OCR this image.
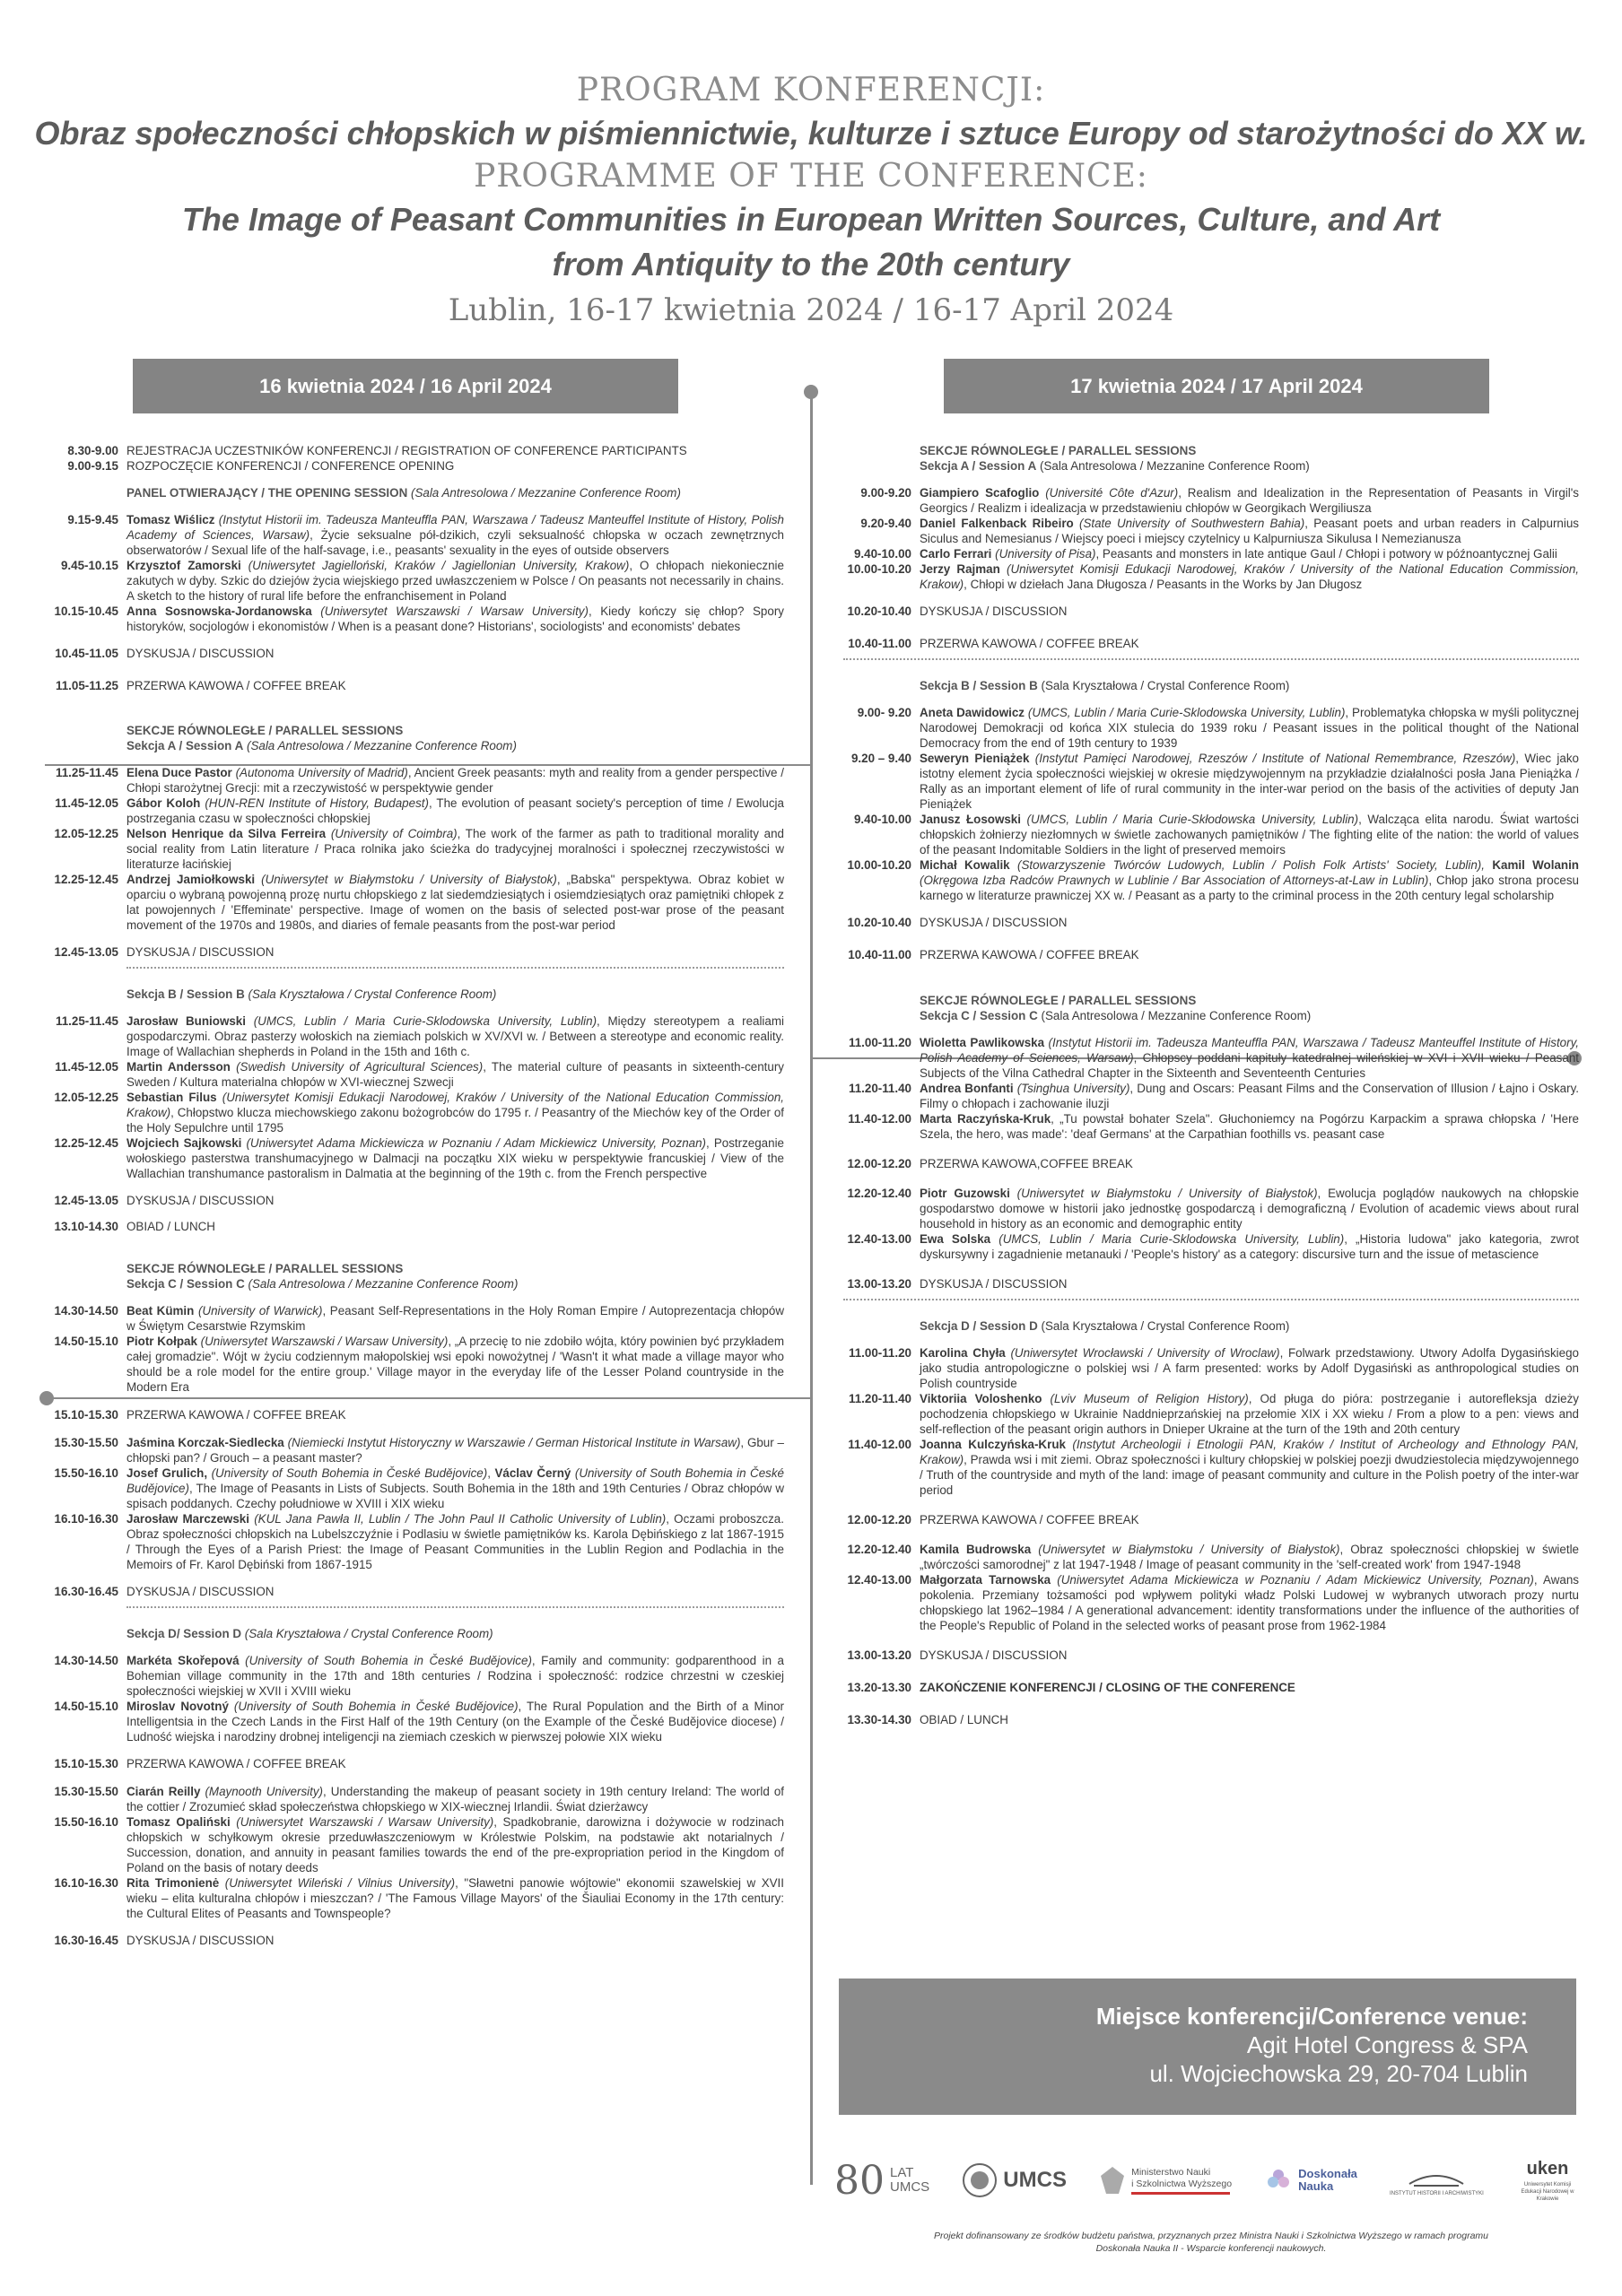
PROGRAM KONFERENCJI:
Obraz społeczności chłopskich w piśmiennictwie, kulturze i sztuce Europy od starożytności do XX w.
PROGRAMME OF THE CONFERENCE:
The Image of Peasant Communities in European Written Sources, Culture, and Art
from Antiquity to the 20th century
Lublin, 16-17 kwietnia 2024 / 16-17 April 2024
16 kwietnia 2024 / 16 April 2024	17 kwietnia 2024 / 17 April 2024
8.30-9.00 REJESTRACJA UCZESTNIKÓW KONFERENCJI / REGISTRATION OF CONFERENCE PARTICIPANTS
9.00-9.15 ROZPOCZĘCIE KONFERENCJI / CONFERENCE OPENING
PANEL OTWIERAJĄCY / THE OPENING SESSION (Sala Antresolowa / Mezzanine Conference Room)
9.15-9.45 Tomasz Wiślicz (Instytut Historii im. Tadeusza Manteuffla PAN, Warszawa / Tadeusz Manteuffel Institute of History, Polish Academy of Sciences, Warsaw), Życie seksualne pół-dzikich, czyli seksualność chłopska w oczach zewnętrznych obserwatorów / Sexual life of the half-savage, i.e., peasants' sexuality in the eyes of outside observers
9.45-10.15 Krzysztof Zamorski (Uniwersytet Jagielloński, Kraków / Jagiellonian University, Krakow), O chłopach niekoniecznie zakutych w dyby. Szkic do dziejów życia wiejskiego przed uwłaszczeniem w Polsce / On peasants not necessarily in chains. A sketch to the history of rural life before the enfranchisement in Poland
10.15-10.45 Anna Sosnowska-Jordanowska (Uniwersytet Warszawski / Warsaw University), Kiedy kończy się chłop? Spory historyków, socjologów i ekonomistów / When is a peasant done? Historians', sociologists' and economists' debates
10.45-11.05 DYSKUSJA / DISCUSSION
11.05-11.25 PRZERWA KAWOWA / COFFEE BREAK
SEKCJE RÓWNOLEGŁE / PARALLEL SESSIONS
Sekcja A / Session A (Sala Antresolowa / Mezzanine Conference Room)
11.25-11.45 Elena Duce Pastor (Autonoma University of Madrid), Ancient Greek peasants: myth and reality from a gender perspective / Chłopi starożytnej Grecji: mit a rzeczywistość w perspektywie gender
11.45-12.05 Gábor Koloh (HUN-REN Institute of History, Budapest), The evolution of peasant society's perception of time / Ewolucja postrzegania czasu w społeczności chłopskiej
12.05-12.25 Nelson Henrique da Silva Ferreira (University of Coimbra), The work of the farmer as path to traditional morality and social reality from Latin literature / Praca rolnika jako ścieżka do tradycyjnej moralności i społecznej rzeczywistości w literaturze łacińskiej
12.25-12.45 Andrzej Jamiołkowski (Uniwersytet w Białymstoku / University of Białystok), „Babska" perspektywa. Obraz kobiet w oparciu o wybraną powojenną prozę nurtu chłopskiego z lat siedemdziesiątych i osiemdziesiątych oraz pamiętniki chłopek z lat powojennych / 'Effeminate' perspective. Image of women on the basis of selected post-war prose of the peasant movement of the 1970s and 1980s, and diaries of female peasants from the post-war period
12.45-13.05 DYSKUSJA / DISCUSSION
Sekcja B / Session B (Sala Kryształowa / Crystal Conference Room)
11.25-11.45 Jarosław Buniowski (UMCS, Lublin / Maria Curie-Sklodowska University, Lublin), Między stereotypem a realiami gospodarczymi. Obraz pasterzy wołoskich na ziemiach polskich w XV/XVI w. / Between a stereotype and economic reality. Image of Wallachian shepherds in Poland in the 15th and 16th c.
11.45-12.05 Martin Andersson (Swedish University of Agricultural Sciences), The material culture of peasants in sixteenth-century Sweden / Kultura materialna chłopów w XVI-wiecznej Szwecji
12.05-12.25 Sebastian Filus (Uniwersytet Komisji Edukacji Narodowej, Kraków / University of the National Education Commission, Krakow), Chłopstwo klucza miechowskiego zakonu bożogrobców do 1795 r. / Peasantry of the Miechów key of the Order of the Holy Sepulchre until 1795
12.25-12.45 Wojciech Sajkowski (Uniwersytet Adama Mickiewicza w Poznaniu / Adam Mickiewicz University, Poznan), Postrzeganie wołoskiego pasterstwa transhumacyjnego w Dalmacji na początku XIX wieku w perspektywie francuskiej / View of the Wallachian transhumance pastoralism in Dalmatia at the beginning of the 19th c. from the French perspective
12.45-13.05 DYSKUSJA / DISCUSSION
13.10-14.30 OBIAD / LUNCH
SEKCJE RÓWNOLEGŁE / PARALLEL SESSIONS
Sekcja C / Session C (Sala Antresolowa / Mezzanine Conference Room)
14.30-14.50 Beat Kümin (University of Warwick), Peasant Self-Representations in the Holy Roman Empire / Autoprezentacja chłopów w Świętym Cesarstwie Rzymskim
14.50-15.10 Piotr Kołpak (Uniwersytet Warszawski / Warsaw University), „A przecię to nie zdobiło wójta, który powinien być przykładem całej gromadzie". Wójt w życiu codziennym małopolskiej wsi epoki nowożytnej / 'Wasn't it what made a village mayor who should be a role model for the entire group.' Village mayor in the everyday life of the Lesser Poland countryside in the Modern Era
15.10-15.30 PRZERWA KAWOWA / COFFEE BREAK
15.30-15.50 Jaśmina Korczak-Siedlecka (Niemiecki Instytut Historyczny w Warszawie / German Historical Institute in Warsaw), Gbur – chłopski pan? / Grouch – a peasant master?
15.50-16.10 Josef Grulich, (University of South Bohemia in České Budějovice), Václav Černý (University of South Bohemia in České Budějovice), The Image of Peasants in Lists of Subjects. South Bohemia in the 18th and 19th Centuries / Obraz chłopów w spisach poddanych. Czechy południowe w XVIII i XIX wieku
16.10-16.30 Jarosław Marczewski (KUL Jana Pawła II, Lublin / The John Paul II Catholic University of Lublin), Oczami proboszcza. Obraz społeczności chłopskich na Lubelszczyźnie i Podlasiu w świetle pamiętników ks. Karola Dębińskiego z lat 1867-1915 / Through the Eyes of a Parish Priest: the Image of Peasant Communities in the Lublin Region and Podlachia in the Memoirs of Fr. Karol Dębiński from 1867-1915
16.30-16.45 DYSKUSJA / DISCUSSION
Sekcja D/ Session D (Sala Kryształowa / Crystal Conference Room)
14.30-14.50 Markéta Skořepová (University of South Bohemia in České Budějovice), Family and community: godparenthood in a Bohemian village community in the 17th and 18th centuries / Rodzina i społeczność: rodzice chrzestni w czeskiej społeczności wiejskiej w XVII i XVIII wieku
14.50-15.10 Miroslav Novotný (University of South Bohemia in České Budějovice), The Rural Population and the Birth of a Minor Intelligentsia in the Czech Lands in the First Half of the 19th Century (on the Example of the České Budějovice diocese) / Ludność wiejska i narodziny drobnej inteligencji na ziemiach czeskich w pierwszej połowie XIX wieku
15.10-15.30 PRZERWA KAWOWA / COFFEE BREAK
15.30-15.50 Ciarán Reilly (Maynooth University), Understanding the makeup of peasant society in 19th century Ireland: The world of the cottier / Zrozumieć skład społeczeństwa chłopskiego w XIX-wiecznej Irlandii. Świat dzierżawcy
15.50-16.10 Tomasz Opaliński (Uniwersytet Warszawski / Warsaw University), Spadkobranie, darowizna i dożywocie w rodzinach chłopskich w schyłkowym okresie przeduwłaszczeniowym w Królestwie Polskim, na podstawie akt notarialnych / Succession, donation, and annuity in peasant families towards the end of the pre-expropriation period in the Kingdom of Poland on the basis of notary deeds
16.10-16.30 Rita Trimonienė (Uniwersytet Wileński / Vilnius University), "Sławetni panowie wójtowie" ekonomii szawelskiej w XVII wieku – elita kulturalna chłopów i mieszczan? / 'The Famous Village Mayors' of the Šiauliai Economy in the 17th century: the Cultural Elites of Peasants and Townspeople?
16.30-16.45 DYSKUSJA / DISCUSSION
SEKCJE RÓWNOLEGŁE / PARALLEL SESSIONS
Sekcja A / Session A (Sala Antresolowa / Mezzanine Conference Room)
9.00-9.20 Giampiero Scafoglio (Université Côte d'Azur), Realism and Idealization in the Representation of Peasants in Virgil's Georgics / Realizm i idealizacja w przedstawieniu chłopów w Georgikach Wergiliusza
9.20-9.40 Daniel Falkenback Ribeiro (State University of Southwestern Bahia), Peasant poets and urban readers in Calpurnius Siculus and Nemesianus / Wiejscy poeci i miejscy czytelnicy u Kalpurniusza Sikulusa I Nemezianusza
9.40-10.00 Carlo Ferrari (University of Pisa), Peasants and monsters in late antique Gaul / Chłopi i potwory w późnoantycznej Galii
10.00-10.20 Jerzy Rajman (Uniwersytet Komisji Edukacji Narodowej, Kraków / University of the National Education Commission, Krakow), Chłopi w dziełach Jana Długosza / Peasants in the Works by Jan Długosz
10.20-10.40 DYSKUSJA / DISCUSSION
10.40-11.00 PRZERWA KAWOWA / COFFEE BREAK
Sekcja B / Session B (Sala Kryształowa / Crystal Conference Room)
9.00- 9.20 Aneta Dawidowicz (UMCS, Lublin / Maria Curie-Sklodowska University, Lublin), Problematyka chłopska w myśli politycznej Narodowej Demokracji od końca XIX stulecia do 1939 roku / Peasant issues in the political thought of the National Democracy from the end of 19th century to 1939
9.20 – 9.40 Seweryn Pieniążek (Instytut Pamięci Narodowej, Rzeszów / Institute of National Remembrance, Rzeszów), Wiec jako istotny element życia społeczności wiejskiej w okresie międzywojennym na przykładzie działalności posła Jana Pieniążka / Rally as an important element of life of rural community in the inter-war period on the basis of the activities of deputy Jan Pieniążek
9.40-10.00 Janusz Łosowski (UMCS, Lublin / Maria Curie-Skłodowska University, Lublin), Walcząca elita narodu. Świat wartości chłopskich żołnierzy niezłomnych w świetle zachowanych pamiętników / The fighting elite of the nation: the world of values of the peasant Indomitable Soldiers in the light of preserved memoirs
10.00-10.20 Michał Kowalik (Stowarzyszenie Twórców Ludowych, Lublin / Polish Folk Artists' Society, Lublin), Kamil Wolanin (Okręgowa Izba Radców Prawnych w Lublinie / Bar Association of Attorneys-at-Law in Lublin), Chłop jako strona procesu karnego w literaturze prawniczej XX w. / Peasant as a party to the criminal process in the 20th century legal scholarship
10.20-10.40 DYSKUSJA / DISCUSSION
10.40-11.00 PRZERWA KAWOWA / COFFEE BREAK
SEKCJE RÓWNOLEGŁE / PARALLEL SESSIONS
Sekcja C / Session C (Sala Antresolowa / Mezzanine Conference Room)
11.00-11.20 Wioletta Pawlikowska (Instytut Historii im. Tadeusza Manteuffla PAN, Warszawa / Tadeusz Manteuffel Institute of History, Polish Academy of Sciences, Warsaw), Chłopscy poddani kapituły katedralnej wileńskiej w XVI i XVII wieku / Peasant Subjects of the Vilna Cathedral Chapter in the Sixteenth and Seventeenth Centuries
11.20-11.40 Andrea Bonfanti (Tsinghua University), Dung and Oscars: Peasant Films and the Conservation of Illusion / Łajno i Oskary. Filmy o chłopach i zachowanie iluzji
11.40-12.00 Marta Raczyńska-Kruk, „Tu powstał bohater Szela". Głuchoniemcy na Pogórzu Karpackim a sprawa chłopska / 'Here Szela, the hero, was made': 'deaf Germans' at the Carpathian foothills vs. peasant case
12.00-12.20 PRZERWA KAWOWA,COFFEE BREAK
12.20-12.40 Piotr Guzowski (Uniwersytet w Białymstoku / University of Białystok), Ewolucja poglądów naukowych na chłopskie gospodarstwo domowe w historii jako jednostkę gospodarczą i demograficzną / Evolution of academic views about rural household in history as an economic and demographic entity
12.40-13.00 Ewa Solska (UMCS, Lublin / Maria Curie-Sklodowska University, Lublin), „Historia ludowa" jako kategoria, zwrot dyskursywny i zagadnienie metanauki / 'People's history' as a category: discursive turn and the issue of metascience
13.00-13.20 DYSKUSJA / DISCUSSION
Sekcja D / Session D (Sala Kryształowa / Crystal Conference Room)
11.00-11.20 Karolina Chyła (Uniwersytet Wrocławski / University of Wroclaw), Folwark przedstawiony. Utwory Adolfa Dygasińskiego jako studia antropologiczne o polskiej wsi / A farm presented: works by Adolf Dygasiński as anthropological studies on Polish countryside
11.20-11.40 Viktoriia Voloshenko (Lviv Museum of Religion History), Od pługa do pióra: postrzeganie i autorefleksja dzieży pochodzenia chłopskiego w Ukrainie Naddnieprzańskiej na przełomie XIX i XX wieku / From a plow to a pen: views and self-reflection of the peasant origin authors in Dnieper Ukraine at the turn of the 19th and 20th century
11.40-12.00 Joanna Kulczyńska-Kruk (Instytut Archeologii i Etnologii PAN, Kraków / Institut of Archeology and Ethnology PAN, Krakow), Prawda wsi i mit ziemi. Obraz społeczności i kultury chłopskiej w polskiej poezji dwudziestolecia międzywojennego / Truth of the countryside and myth of the land: image of peasant community and culture in the Polish poetry of the inter-war period
12.00-12.20 PRZERWA KAWOWA / COFFEE BREAK
12.20-12.40 Kamila Budrowska (Uniwersytet w Białymstoku / University of Białystok), Obraz społeczności chłopskiej w świetle „twórczości samorodnej" z lat 1947-1948 / Image of peasant community in the 'self-created work' from 1947-1948
12.40-13.00 Małgorzata Tarnowska (Uniwersytet Adama Mickiewicza w Poznaniu / Adam Mickiewicz University, Poznan), Awans pokolenia. Przemiany tożsamości pod wpływem polityki władz Polski Ludowej w wybranych utworach prozy nurtu chłopskiego lat 1962–1984 / A generational advancement: identity transformations under the influence of the authorities of the People's Republic of Poland in the selected works of peasant prose from 1962-1984
13.00-13.20 DYSKUSJA / DISCUSSION
13.20-13.30 ZAKOŃCZENIE KONFERENCJI / CLOSING OF THE CONFERENCE
13.30-14.30 OBIAD / LUNCH
Miejsce konferencji/Conference venue:
Agit Hotel Congress & SPA
ul. Wojciechowska 29, 20-704 Lublin
80 LAT
UMCS	UMCS	Ministerstwo Nauki
i Szkolnictwa Wyższego

Doskonała
Nauka
INSTYTUT HISTORII I ARCHIWISTYKI
uken
Uniwersytet Komisji Edukacji Narodowej w Krakowie
Projekt dofinansowany ze środków budżetu państwa, przyznanych przez Ministra Nauki i Szkolnictwa Wyższego w ramach programu
Doskonała Nauka II - Wsparcie konferencji naukowych.
